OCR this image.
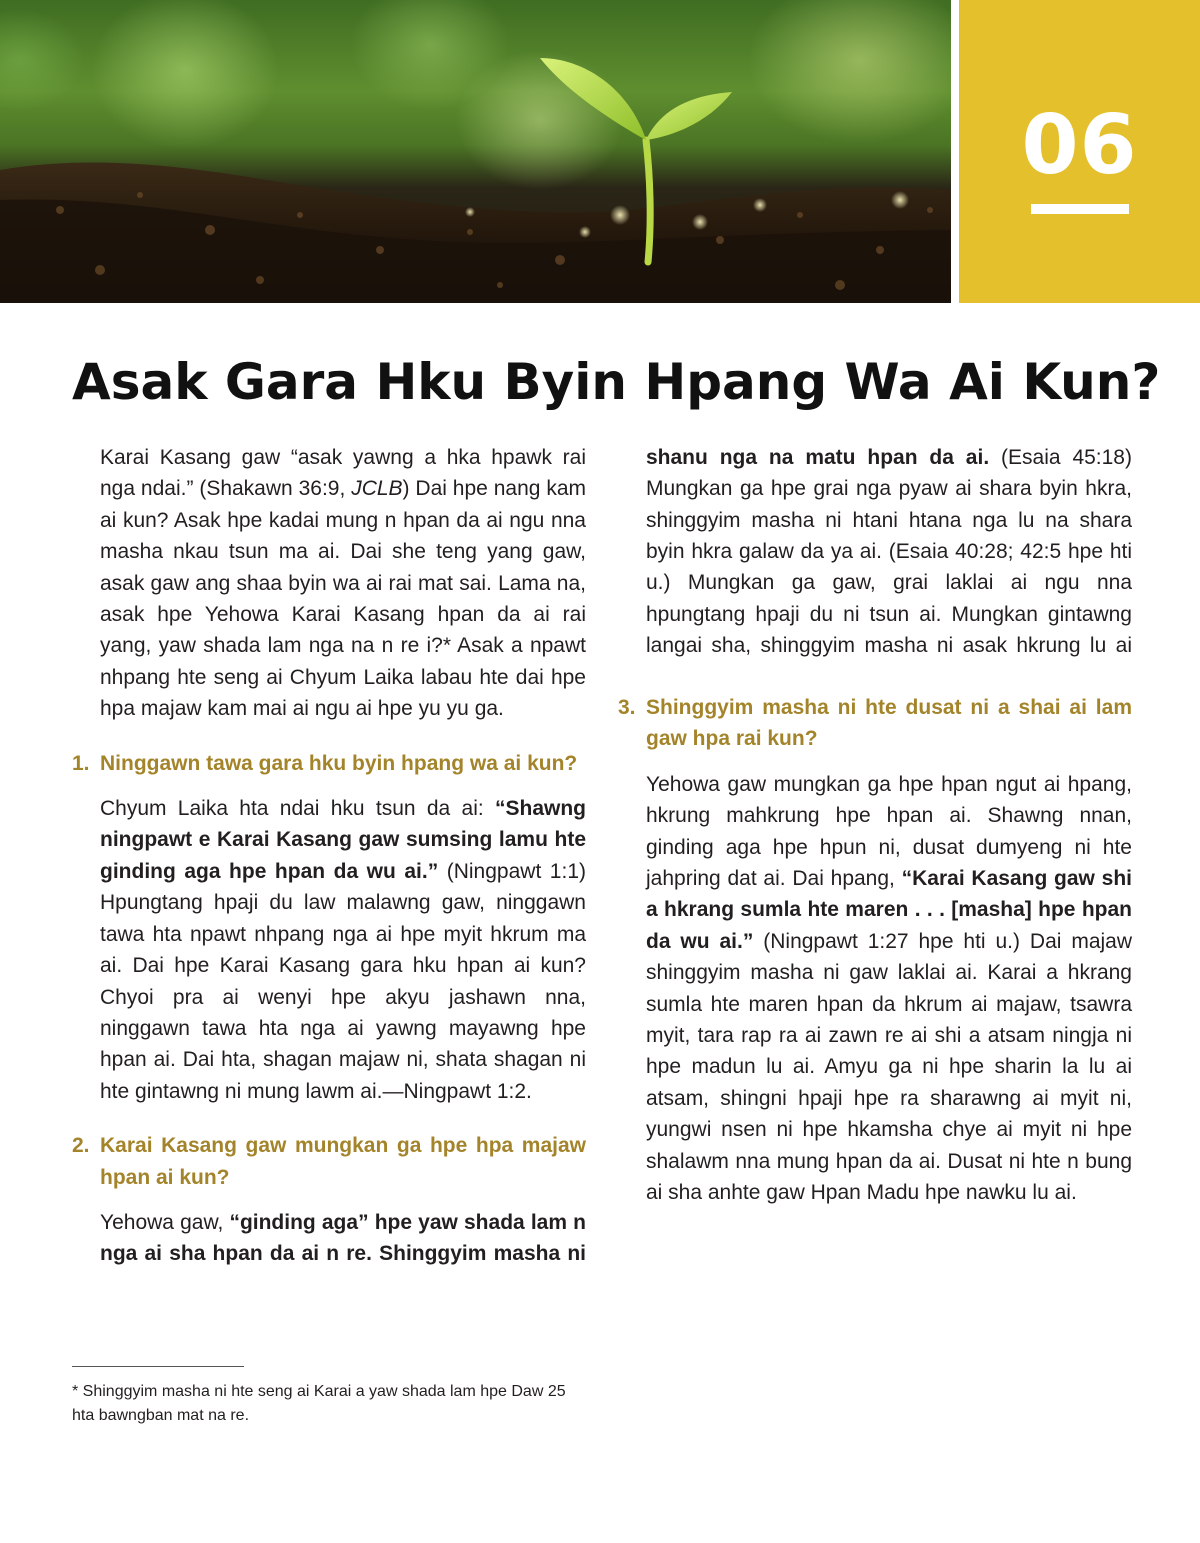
06
Asak Gara Hku Byin Hpang Wa Ai Kun?

Karai Kasang gaw “asak yawng a hka hpawk rai nga ndai.” (Shakawn 36:9, JCLB) Dai hpe nang kam ai kun? Asak hpe kadai mung n hpan da ai ngu nna masha nkau tsun ma ai. Dai she teng yang gaw, asak gaw ang shaa byin wa ai rai mat sai. Lama na, asak hpe Yehowa Karai Kasang hpan da ai rai yang, yaw shada lam nga na n re i?* Asak a npawt nhpang hte seng ai Chyum Laika labau hte dai hpe hpa majaw kam mai ai ngu ai hpe yu yu ga.

1. Ninggawn tawa gara hku byin hpang wa ai kun?

Chyum Laika hta ndai hku tsun da ai: “Shawng ningpawt e Karai Kasang gaw sumsing lamu hte ginding aga hpe hpan da wu ai.” (Ningpawt 1:1) Hpungtang hpaji du law malawng gaw, ninggawn tawa hta npawt nhpang nga ai hpe myit hkrum ma ai. Dai hpe Karai Kasang gara hku hpan ai kun? Chyoi pra ai wenyi hpe akyu jashawn nna, ninggawn tawa hta nga ai yawng mayawng hpe hpan ai. Dai hta, shagan majaw ni, shata shagan ni hte gintawng ni mung lawm ai.—Ningpawt 1:2.

2. Karai Kasang gaw mungkan ga hpe hpa majaw hpan ai kun?

Yehowa gaw, “ginding aga” hpe yaw shada lam n nga ai sha hpan da ai n re. Shinggyim masha ni

shanu nga na matu hpan da ai. (Esaia 45:18) Mungkan ga hpe grai nga pyaw ai shara byin hkra, shinggyim masha ni htani htana nga lu na shara byin hkra galaw da ya ai. (Esaia 40:28; 42:5 hpe hti u.) Mungkan ga gaw, grai laklai ai ngu nna hpungtang hpaji du ni tsun ai. Mungkan gintawng langai sha, shinggyim masha ni asak hkrung lu ai

3. Shinggyim masha ni hte dusat ni a shai ai lam gaw hpa rai kun?

Yehowa gaw mungkan ga hpe hpan ngut ai hpang, hkrung mahkrung hpe hpan ai. Shawng nnan, ginding aga hpe hpun ni, dusat dumyeng ni hte jahpring dat ai. Dai hpang, “Karai Kasang gaw shi a hkrang sumla hte maren . . . [masha] hpe hpan da wu ai.” (Ningpawt 1:27 hpe hti u.) Dai majaw shinggyim masha ni gaw laklai ai. Karai a hkrang sumla hte maren hpan da hkrum ai majaw, tsawra myit, tara rap ra ai zawn re ai shi a atsam ningja ni hpe madun lu ai. Amyu ga ni hpe sharin la lu ai atsam, shingni hpaji hpe ra sharawng ai myit ni, yungwi nsen ni hpe hkamsha chye ai myit ni hpe shalawm nna mung hpan da ai. Dusat ni hte n bung ai sha anhte gaw Hpan Madu hpe nawku lu ai.

* Shinggyim masha ni hte seng ai Karai a yaw shada lam hpe Daw 25 hta bawngban mat na re.
